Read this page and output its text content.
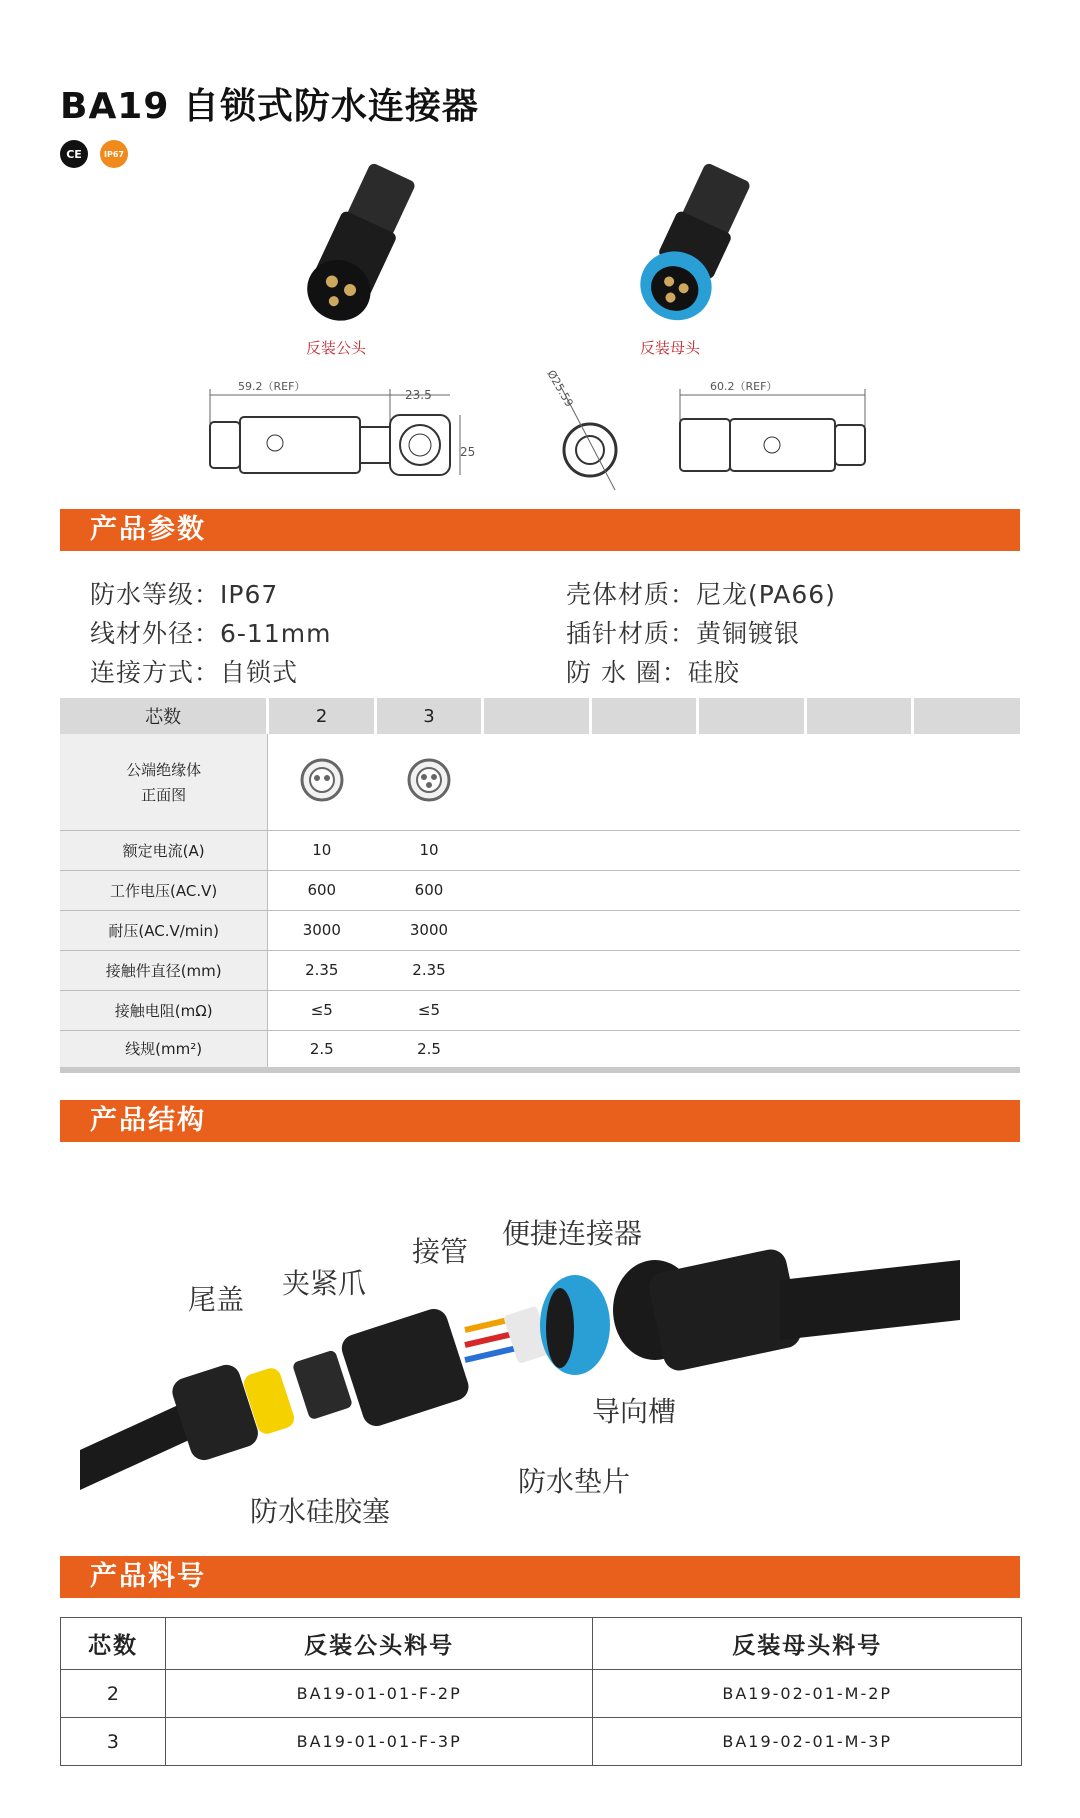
BA19 自锁式防水连接器
CE	IP67
反装公头	反装母头
59.2（REF）
23.5
25
Ø25.59	60.2（REF）
产品参数
防水等级：IP67
线材外径：6-11mm
连接方式：自锁式
壳体材质：尼龙(PA66)
插针材质：黄铜镀银
防 水 圈：硅胶
芯数	2	3					

公端绝缘体
正面图

额定电流(A)	10	10					
工作电压(AC.V)	600	600					
耐压(AC.V/min)	3000	3000					
接触件直径(mm)	2.35	2.35					
接触电阻(mΩ)	≤5	≤5					
线规(mm²)	2.5	2.5					
产品结构
尾盖 夹紧爪
接管
便捷连接器
导向槽
防水垫片
防水硅胶塞
产品料号
芯数	反装公头料号	反装母头料号
2	BA19-01-01-F-2P	BA19-02-01-M-2P
3	BA19-01-01-F-3P	BA19-02-01-M-3P
